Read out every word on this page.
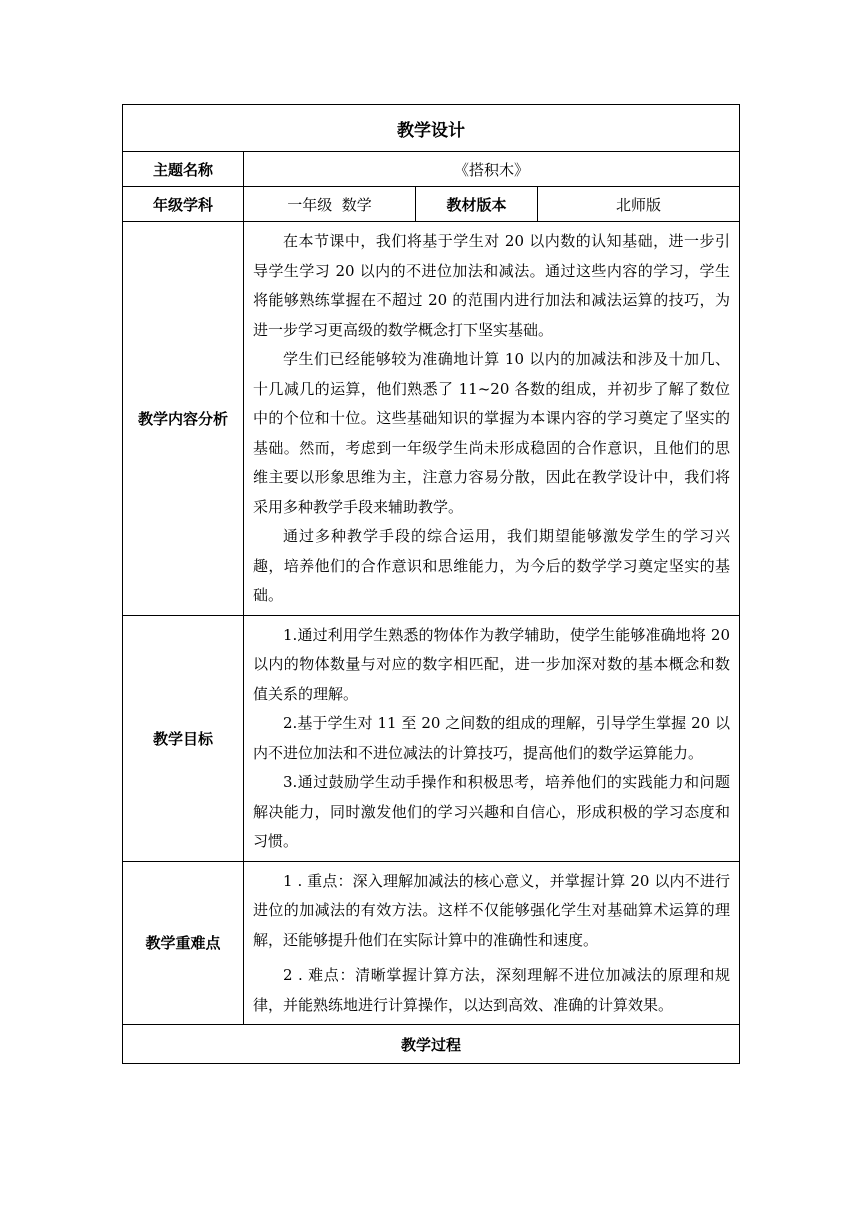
教学设计			
主题名称	《搭积木》		
年级学科	一年级  数学	教材版本	北师版
教学内容分析	在本节课中，我们将基于学生对 20 以内数的认知基础，进一步引导学生学习 20 以内的不进位加法和减法。通过这些内容的学习，学生将能够熟练掌握在不超过 20 的范围内进行加法和减法运算的技巧，为进一步学习更高级的数学概念打下坚实基础。

学生们已经能够较为准确地计算 10 以内的加减法和涉及十加几、十几减几的运算，他们熟悉了 11~20 各数的组成，并初步了解了数位中的个位和十位。这些基础知识的掌握为本课内容的学习奠定了坚实的基础。然而，考虑到一年级学生尚未形成稳固的合作意识，且他们的思维主要以形象思维为主，注意力容易分散，因此在教学设计中，我们将采用多种教学手段来辅助教学。

通过多种教学手段的综合运用，我们期望能够激发学生的学习兴趣，培养他们的合作意识和思维能力，为今后的数学学习奠定坚实的基础。		

教学目标	1.通过利用学生熟悉的物体作为教学辅助，使学生能够准确地将 20 以内的物体数量与对应的数字相匹配，进一步加深对数的基本概念和数值关系的理解。

2.基于学生对 11 至 20 之间数的组成的理解，引导学生掌握 20 以内不进位加法和不进位减法的计算技巧，提高他们的数学运算能力。

3.通过鼓励学生动手操作和积极思考，培养他们的实践能力和问题解决能力，同时激发他们的学习兴趣和自信心，形成积极的学习态度和习惯。		

教学重难点	1 . 重点：深入理解加减法的核心意义，并掌握计算 20 以内不进行进位的加减法的有效方法。这样不仅能够强化学生对基础算术运算的理解，还能够提升他们在实际计算中的准确性和速度。

2 . 难点：清晰掌握计算方法，深刻理解不进位加减法的原理和规律，并能熟练地进行计算操作，以达到高效、准确的计算效果。		

教学过程			
